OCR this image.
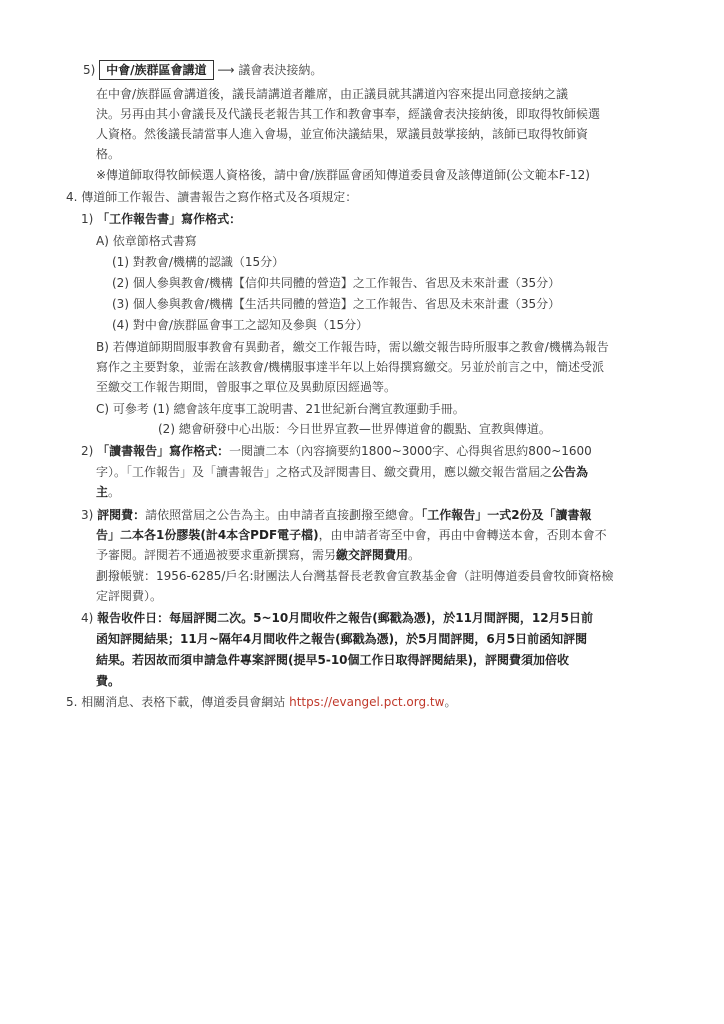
5) 中會/族群區會講道 ⟶ 議會表決接納。
在中會/族群區會講道後，議長請講道者離席，由正議員就其講道內容來提出同意接納之議
決。另再由其小會議長及代議長老報告其工作和教會事奉，經議會表決接納後，即取得牧師候選
人資格。然後議長請當事人進入會場，並宣佈決議結果，眾議員鼓掌接納，該師已取得牧師資
格。
※傳道師取得牧師候選人資格後，請中會/族群區會函知傳道委員會及該傳道師(公文範本F-12)
4. 傳道師工作報告、讀書報告之寫作格式及各項規定：
1) 「工作報告書」寫作格式：
A) 依章節格式書寫
(1) 對教會/機構的認識（15分）
(2) 個人參與教會/機構【信仰共同體的營造】之工作報告、省思及未來計畫（35分）
(3) 個人參與教會/機構【生活共同體的營造】之工作報告、省思及未來計畫（35分）
(4) 對中會/族群區會事工之認知及參與（15分）
B) 若傳道師期間服事教會有異動者，繳交工作報告時，需以繳交報告時所服事之教會/機構為報告
寫作之主要對象，並需在該教會/機構服事達半年以上始得撰寫繳交。另並於前言之中，簡述受派
至繳交工作報告期間，曾服事之單位及異動原因經過等。
C) 可參考 (1) 總會該年度事工說明書、21世紀新台灣宣教運動手冊。
(2) 總會研發中心出版：今日世界宣教—世界傳道會的觀點、宣教與傳道。
2) 「讀書報告」寫作格式：一閱讀二本（內容摘要約1800~3000字、心得與省思約800~1600
字）。「工作報告」及「讀書報告」之格式及評閱書目、繳交費用，應以繳交報告當屆之公告為
主。
3) 評閱費：請依照當屆之公告為主。由申請者直接劃撥至總會。「工作報告」一式2份及「讀書報
告」二本各1份膠裝(計4本含PDF電子檔)，由申請者寄至中會，再由中會轉送本會，否則本會不
予審閱。評閱若不通過被要求重新撰寫，需另繳交評閱費用。
劃撥帳號：1956-6285/戶名:財團法人台灣基督長老教會宣教基金會（註明傳道委員會牧師資格檢
定評閱費）。
4) 報告收件日：每屆評閱二次。5~10月間收件之報告(郵戳為憑)，於11月間評閱，12月5日前
函知評閱結果；11月~隔年4月間收件之報告(郵戳為憑)，於5月間評閱，6月5日前函知評閱
結果。若因故而須申請急件專案評閱(提早5-10個工作日取得評閱結果)，評閱費須加倍收
費。
5. 相關消息、表格下載，傳道委員會網站 https://evangel.pct.org.tw。
